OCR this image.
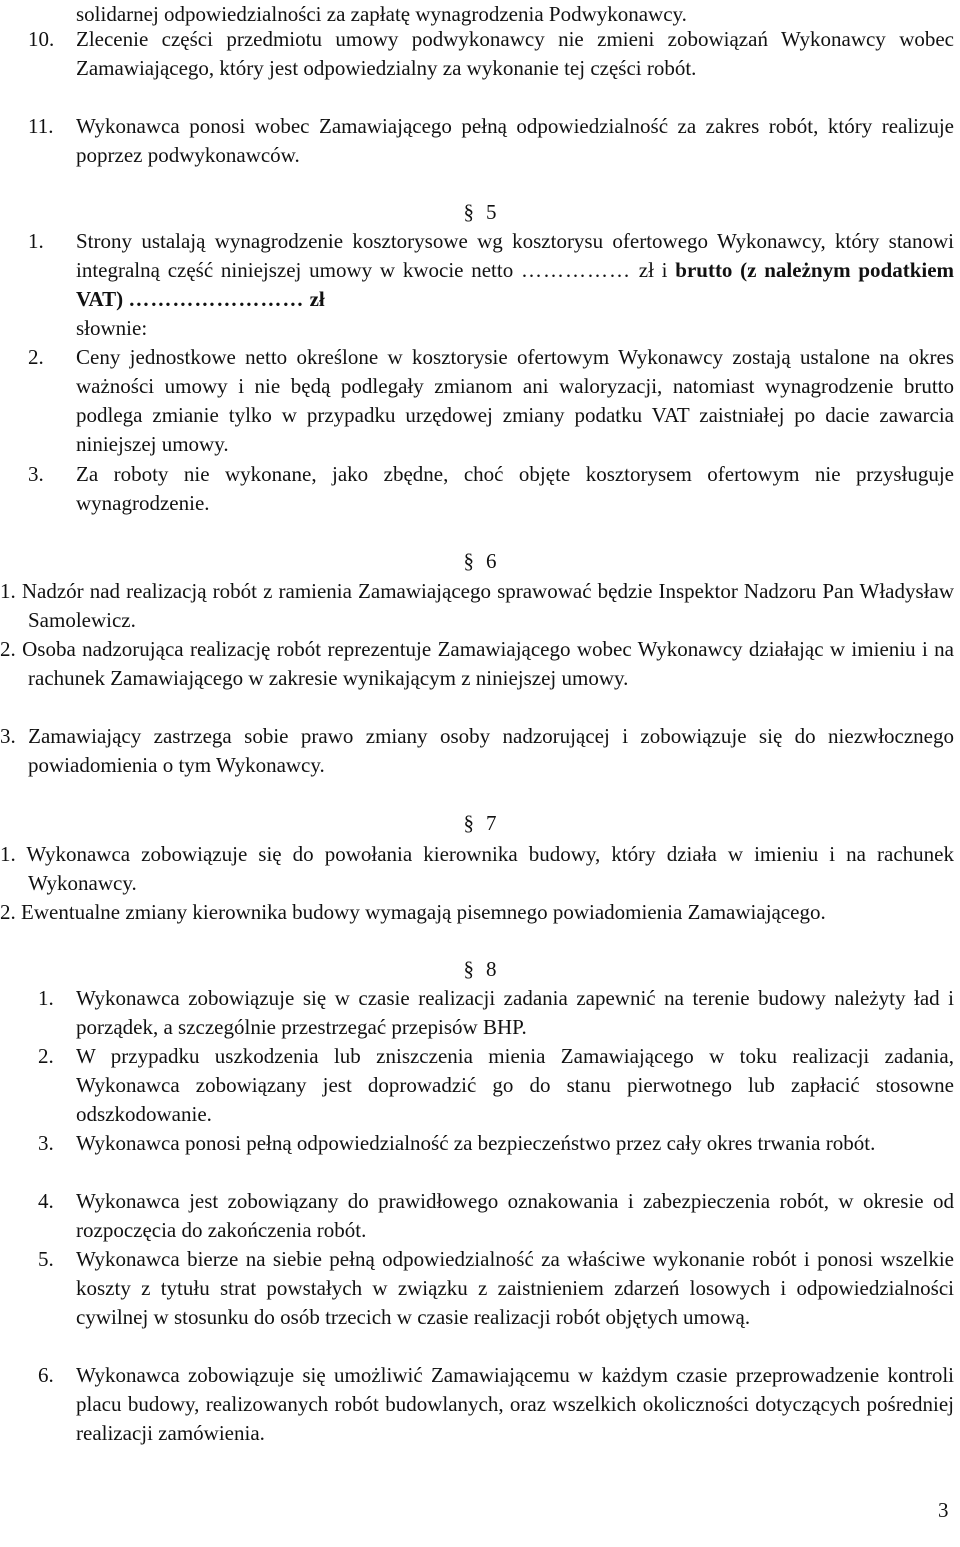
solidarnej odpowiedzialności za zapłatę wynagrodzenia Podwykonawcy.
10.	Zlecenie części przedmiotu umowy podwykonawcy nie zmieni zobowiązań Wykonawcy wobec Zamawiającego, który jest odpowiedzialny za wykonanie tej części robót.
11.	Wykonawca ponosi wobec Zamawiającego pełną odpowiedzialność za zakres robót, który realizuje poprzez podwykonawców.
§ 5
1.	Strony ustalają wynagrodzenie kosztorysowe wg kosztorysu ofertowego Wykonawcy, który stanowi integralną część niniejszej umowy w kwocie netto …………… zł i brutto (z należnym podatkiem VAT) …………………… zł
słownie:
2.	Ceny jednostkowe netto określone w kosztorysie ofertowym Wykonawcy zostają ustalone na okres ważności umowy i nie będą podlegały zmianom ani waloryzacji, natomiast wynagrodzenie brutto podlega zmianie tylko w przypadku urzędowej zmiany podatku VAT zaistniałej po dacie zawarcia niniejszej umowy.
3.	Za roboty nie wykonane, jako zbędne, choć objęte kosztorysem ofertowym nie przysługuje wynagrodzenie.
§ 6
1. Nadzór nad realizacją robót z ramienia Zamawiającego sprawować będzie Inspektor Nadzoru Pan Władysław Samolewicz.
2. Osoba nadzorująca realizację robót reprezentuje Zamawiającego wobec Wykonawcy działając w imieniu i na rachunek Zamawiającego w zakresie wynikającym z niniejszej umowy.
3. Zamawiający zastrzega sobie prawo zmiany osoby nadzorującej i zobowiązuje się do niezwłocznego powiadomienia o tym Wykonawcy.
§ 7
1. Wykonawca zobowiązuje się do powołania kierownika budowy, który działa w imieniu i na rachunek Wykonawcy.
2. Ewentualne zmiany kierownika budowy wymagają pisemnego powiadomienia Zamawiającego.
§ 8
1.	Wykonawca zobowiązuje się w czasie realizacji zadania zapewnić na terenie budowy należyty ład i porządek, a szczególnie przestrzegać przepisów BHP.
2.	W przypadku uszkodzenia lub zniszczenia mienia Zamawiającego w toku realizacji zadania, Wykonawca zobowiązany jest doprowadzić go do stanu pierwotnego lub zapłacić stosowne odszkodowanie.
3.	Wykonawca ponosi pełną odpowiedzialność za bezpieczeństwo przez cały okres trwania robót.
4.	Wykonawca jest zobowiązany do prawidłowego oznakowania i zabezpieczenia robót, w okresie od rozpoczęcia do zakończenia robót.
5.	Wykonawca bierze na siebie pełną odpowiedzialność za właściwe wykonanie robót i ponosi wszelkie koszty z tytułu strat powstałych w związku z zaistnieniem zdarzeń losowych i odpowiedzialności cywilnej w stosunku do osób trzecich w czasie realizacji robót objętych umową.
6.	Wykonawca zobowiązuje się umożliwić Zamawiającemu w każdym czasie przeprowadzenie kontroli placu budowy, realizowanych robót budowlanych, oraz wszelkich okoliczności dotyczących pośredniej realizacji zamówienia.
3
